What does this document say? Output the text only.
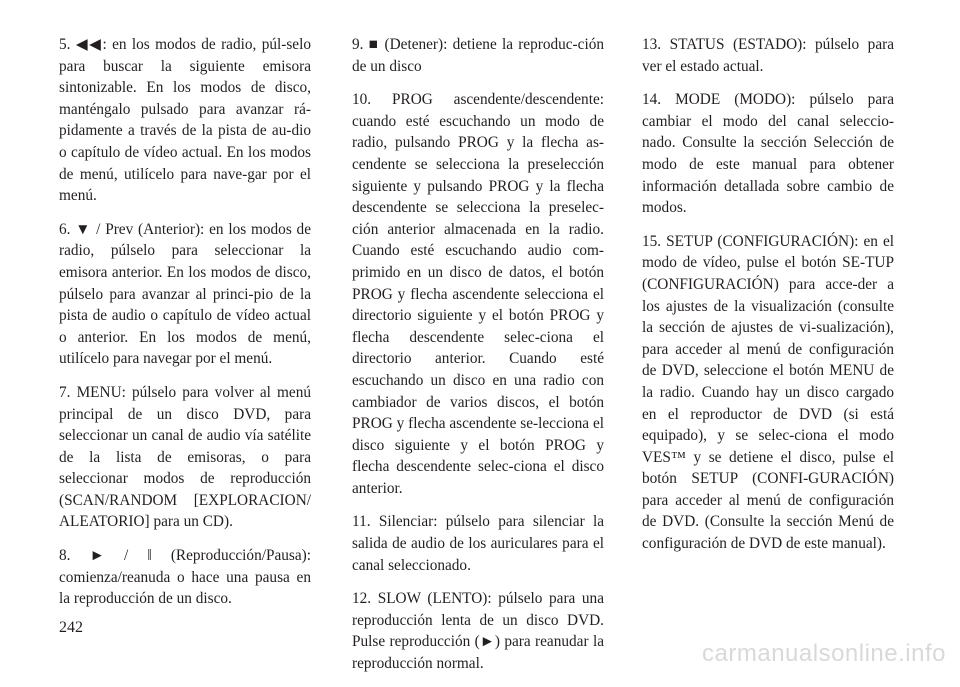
5. ◀◀: en los modos de radio, púl-selo para buscar la siguiente emisora sintonizable. En los modos de disco, manténgalo pulsado para avanzar rá-pidamente a través de la pista de au-dio o capítulo de vídeo actual. En los modos de menú, utilícelo para nave-gar por el menú.

6. ▼ / Prev (Anterior): en los modos de radio, púlselo para seleccionar la emisora anterior. En los modos de disco, púlselo para avanzar al princi-pio de la pista de audio o capítulo de vídeo actual o anterior. En los modos de menú, utilícelo para navegar por el menú.

7. MENU: púlselo para volver al menú principal de un disco DVD, para seleccionar un canal de audio vía satélite de la lista de emisoras, o para seleccionar modos de reproducción (SCAN/RANDOM [EXPLORACION/ ALEATORIO] para un CD).

8. ► / ‖ (Reproducción/Pausa): comienza/reanuda o hace una pausa en la reproducción de un disco.

9. ■ (Detener): detiene la reproduc-ción de un disco

10. PROG ascendente/descendente: cuando esté escuchando un modo de radio, pulsando PROG y la flecha as-cendente se selecciona la preselección siguiente y pulsando PROG y la flecha descendente se selecciona la preselec-ción anterior almacenada en la radio. Cuando esté escuchando audio com-primido en un disco de datos, el botón PROG y flecha ascendente selecciona el directorio siguiente y el botón PROG y flecha descendente selec-ciona el directorio anterior. Cuando esté escuchando un disco en una radio con cambiador de varios discos, el botón PROG y flecha ascendente se-lecciona el disco siguiente y el botón PROG y flecha descendente selec-ciona el disco anterior.

11. Silenciar: púlselo para silenciar la salida de audio de los auriculares para el canal seleccionado.

12. SLOW (LENTO): púlselo para una reproducción lenta de un disco DVD. Pulse reproducción (►) para reanudar la reproducción normal.

13. STATUS (ESTADO): púlselo para ver el estado actual.

14. MODE (MODO): púlselo para cambiar el modo del canal seleccio-nado. Consulte la sección Selección de modo de este manual para obtener información detallada sobre cambio de modos.

15. SETUP (CONFIGURACIÓN): en el modo de vídeo, pulse el botón SE-TUP (CONFIGURACIÓN) para acce-der a los ajustes de la visualización (consulte la sección de ajustes de vi-sualización), para acceder al menú de configuración de DVD, seleccione el botón MENU de la radio. Cuando hay un disco cargado en el reproductor de DVD (si está equipado), y se selec-ciona el modo VES™ y se detiene el disco, pulse el botón SETUP (CONFI-GURACIÓN) para acceder al menú de configuración de DVD. (Consulte la sección Menú de configuración de DVD de este manual).

242
carmanualsonline.info
